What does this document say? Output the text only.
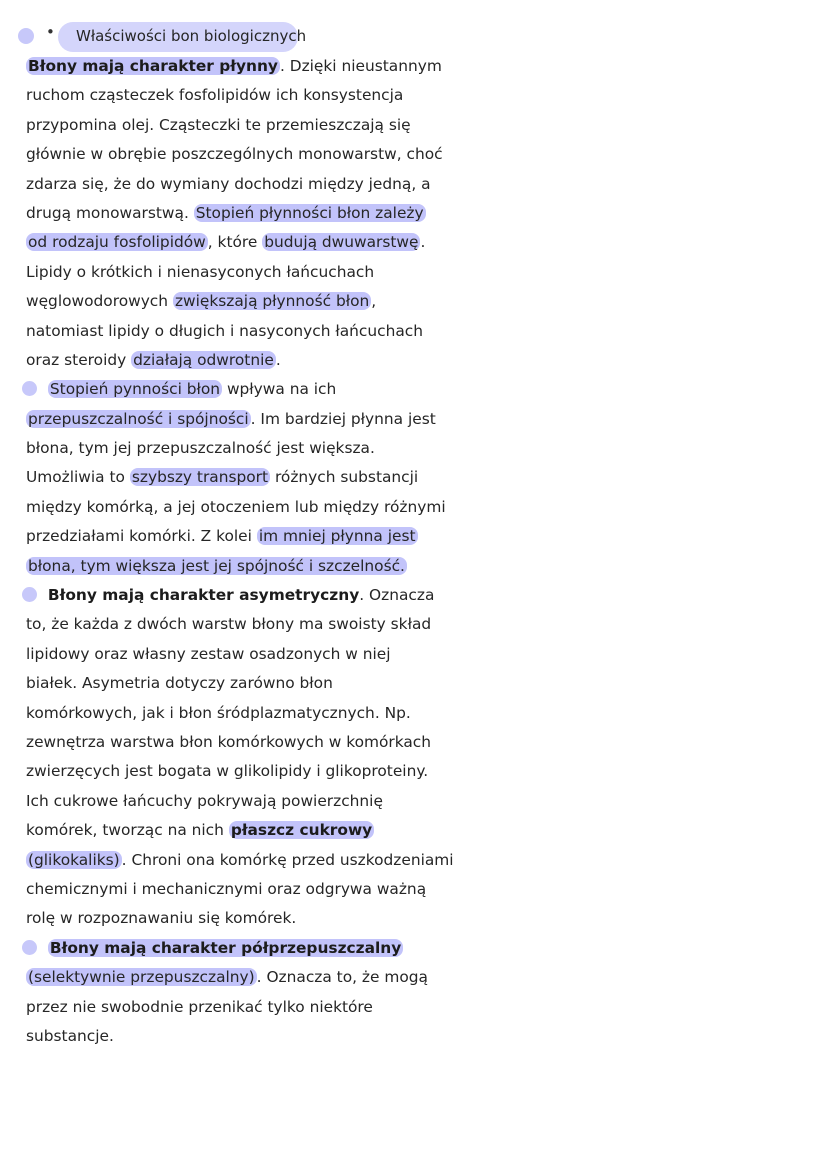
• Właściwości bon biologicznych
Błony mają charakter płynny . Dzięki nieustannym
ruchom cząsteczek fosfolipidów ich konsystencja
przypomina olej. Cząsteczki te przemieszczają się
głównie w obrębie poszczególnych monowarstw, choć
zdarza się, że do wymiany dochodzi między jedną, a
drugą monowarstwą. Stopień płynności błon zależy
od rodzaju fosfolipidów , które budują dwuwarstwę .
Lipidy o krótkich i nienasyconych łańcuchach
węglowodorowych zwiększają płynność błon ,
natomiast lipidy o długich i nasyconych łańcuchach
oraz steroidy działają odwrotnie .
Stopień pynności błon wpływa na ich
przepuszczalność i spójności . Im bardziej płynna jest
błona, tym jej przepuszczalność jest większa.
Umożliwia to szybszy transport różnych substancji
między komórką, a jej otoczeniem lub między różnymi
przedziałami komórki. Z kolei im mniej płynna jest
błona, tym większa jest jej spójność i szczelność.
Błony mają charakter asymetryczny. Oznacza
to, że każda z dwóch warstw błony ma swoisty skład
lipidowy oraz własny zestaw osadzonych w niej
białek. Asymetria dotyczy zarówno błon
komórkowych, jak i błon śródplazmatycznych. Np.
zewnętrza warstwa błon komórkowych w komórkach
zwierzęcych jest bogata w glikolipidy i glikoproteiny.
Ich cukrowe łańcuchy pokrywają powierzchnię
komórek, tworząc na nich płaszcz cukrowy
(glikokaliks) . Chroni ona komórkę przed uszkodzeniami
chemicznymi i mechanicznymi oraz odgrywa ważną
rolę w rozpoznawaniu się komórek.
Błony mają charakter półprzepuszczalny
(selektywnie przepuszczalny) . Oznacza to, że mogą
przez nie swobodnie przenikać tylko niektóre
substancje.
